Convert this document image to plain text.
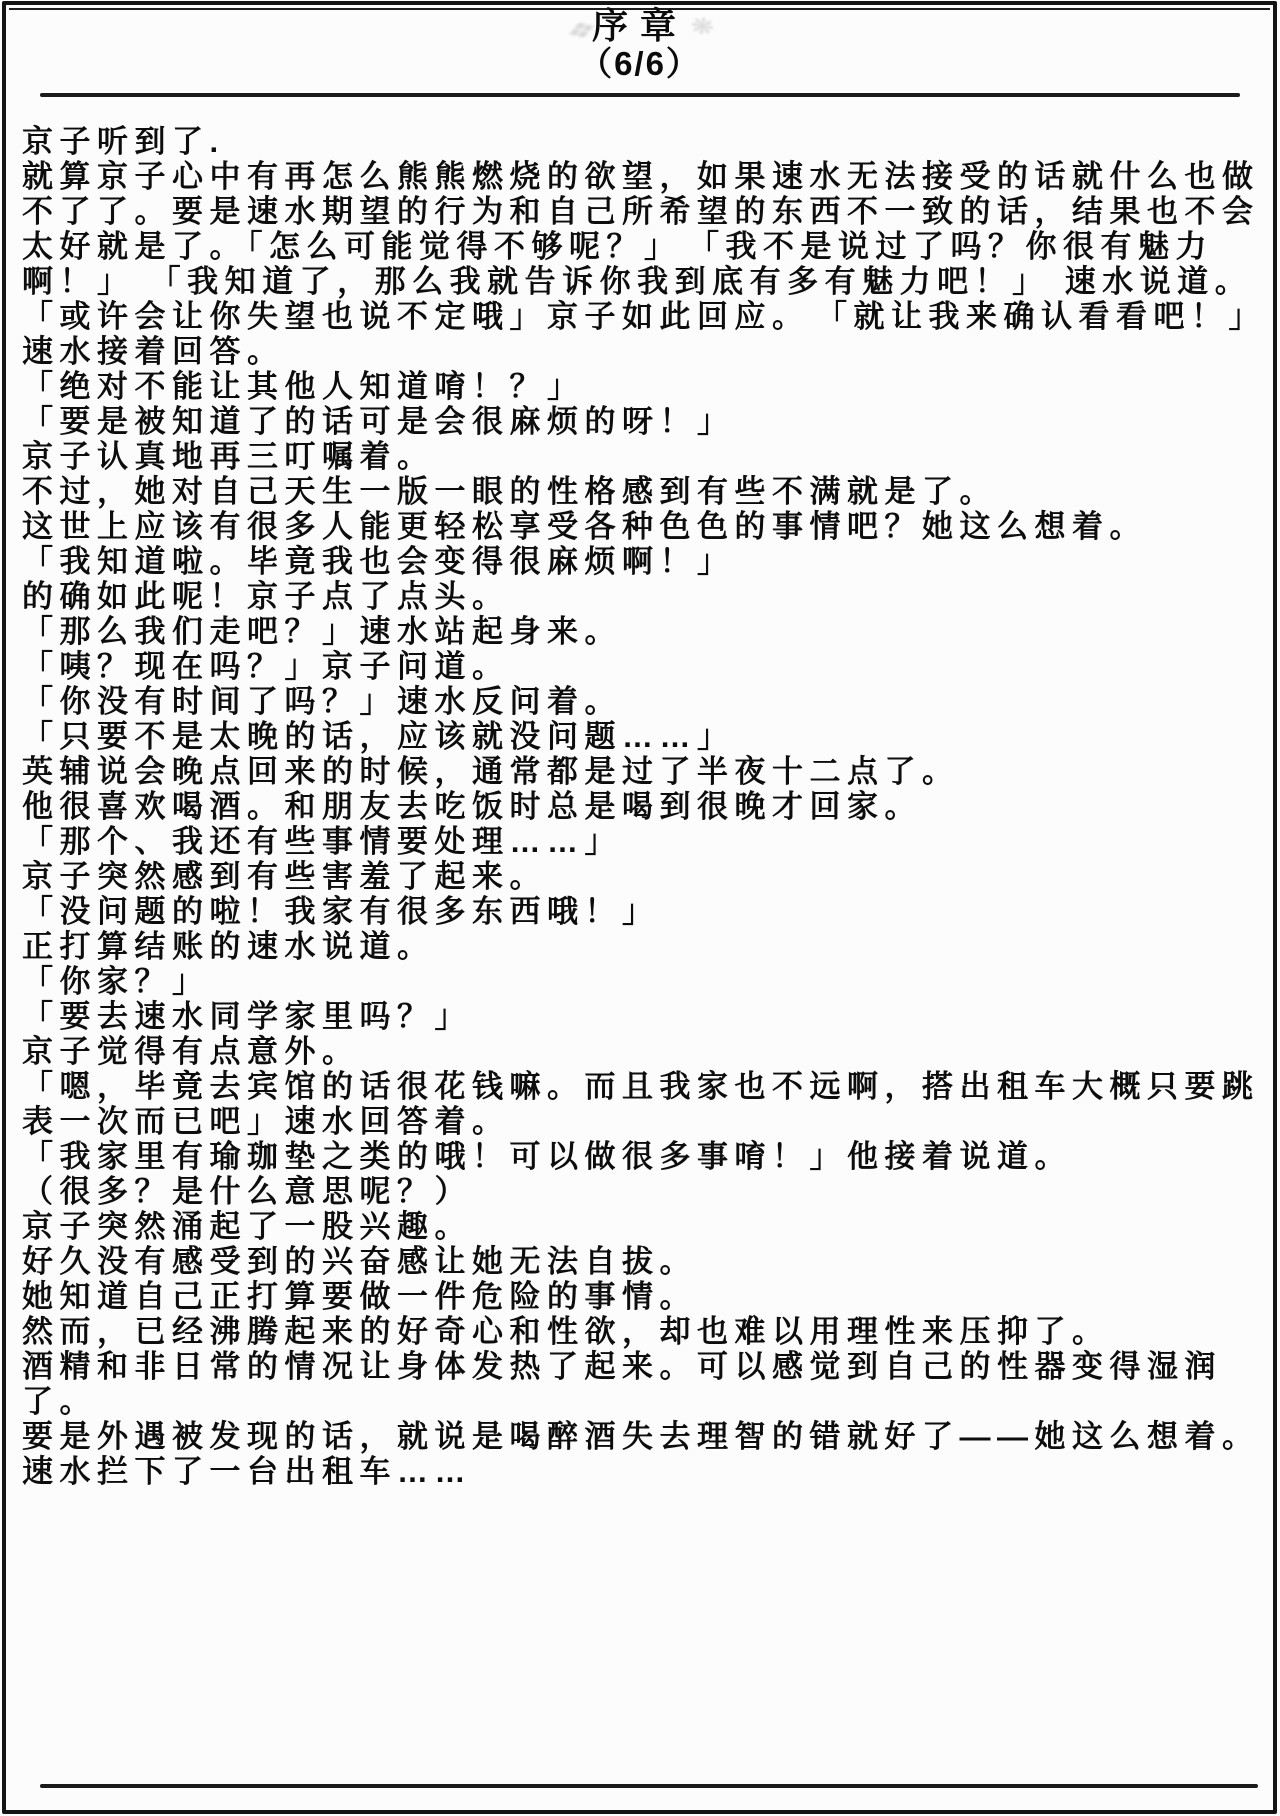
❖
序章
（6/6）
❋
京子听到了.
就算京子心中有再怎么熊熊燃烧的欲望，如果速水无法接受的话就什么也做
不了了。要是速水期望的行为和自己所希望的东西不一致的话，结果也不会
太好就是了。「怎么可能觉得不够呢？」　「我不是说过了吗？你很有魅力
啊！」 「我知道了，那么我就告诉你我到底有多有魅力吧！」 速水说道。
「或许会让你失望也说不定哦」京子如此回应。　「就让我来确认看看吧！」
速水接着回答。
「绝对不能让其他人知道唷！？」
「要是被知道了的话可是会很麻烦的呀！」
京子认真地再三叮嘱着。
不过，她对自己天生一版一眼的性格感到有些不满就是了。
这世上应该有很多人能更轻松享受各种色色的事情吧？她这么想着。
「我知道啦。毕竟我也会变得很麻烦啊！」
的确如此呢！京子点了点头。
「那么我们走吧？」速水站起身来。
「咦？现在吗？」京子问道。
「你没有时间了吗？」速水反问着。
「只要不是太晚的话，应该就没问题……」
英辅说会晚点回来的时候，通常都是过了半夜十二点了。
他很喜欢喝酒。和朋友去吃饭时总是喝到很晚才回家。
「那个、我还有些事情要处理……」
京子突然感到有些害羞了起来。
「没问题的啦！我家有很多东西哦！」
正打算结账的速水说道。
「你家？」
「要去速水同学家里吗？」
京子觉得有点意外。
「嗯，毕竟去宾馆的话很花钱嘛。而且我家也不远啊，搭出租车大概只要跳
表一次而已吧」速水回答着。
「我家里有瑜珈垫之类的哦！可以做很多事唷！」他接着说道。
（很多？是什么意思呢？）
京子突然涌起了一股兴趣。
好久没有感受到的兴奋感让她无法自拔。
她知道自己正打算要做一件危险的事情。
然而，已经沸腾起来的好奇心和性欲，却也难以用理性来压抑了。
酒精和非日常的情况让身体发热了起来。可以感觉到自己的性器变得湿润
了。
要是外遇被发现的话，就说是喝醉酒失去理智的错就好了——她这么想着。
速水拦下了一台出租车……
